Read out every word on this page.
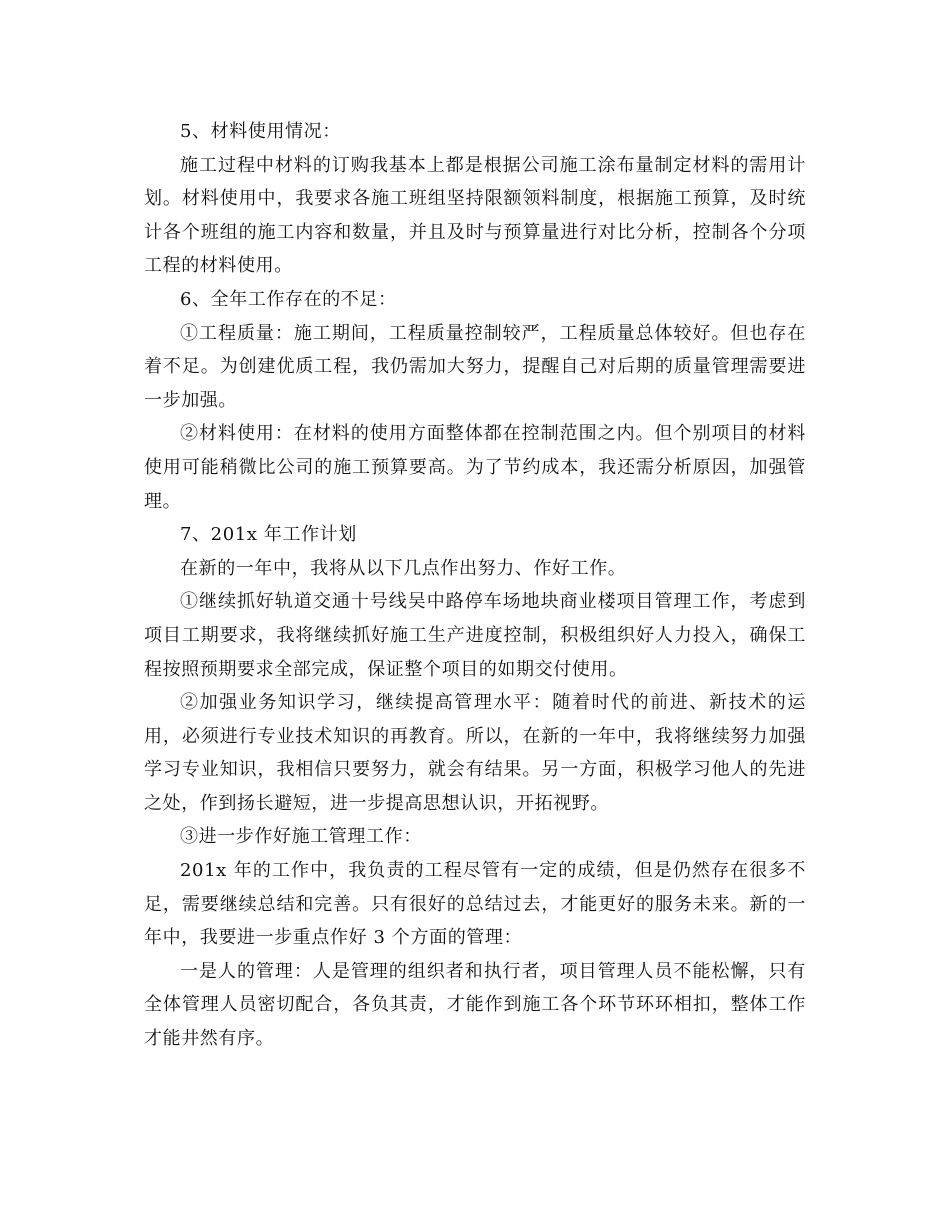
5、材料使用情况：

施工过程中材料的订购我基本上都是根据公司施工涂布量制定材料的需用计划。材料使用中，我要求各施工班组坚持限额领料制度，根据施工预算，及时统计各个班组的施工内容和数量，并且及时与预算量进行对比分析，控制各个分项工程的材料使用。

6、全年工作存在的不足：

①工程质量：施工期间，工程质量控制较严，工程质量总体较好。但也存在着不足。为创建优质工程，我仍需加大努力，提醒自己对后期的质量管理需要进一步加强。

②材料使用：在材料的使用方面整体都在控制范围之内。但个别项目的材料使用可能稍微比公司的施工预算要高。为了节约成本，我还需分析原因，加强管理。

7、201x 年工作计划

在新的一年中，我将从以下几点作出努力、作好工作。

①继续抓好轨道交通十号线吴中路停车场地块商业楼项目管理工作，考虑到项目工期要求，我将继续抓好施工生产进度控制，积极组织好人力投入，确保工程按照预期要求全部完成，保证整个项目的如期交付使用。

②加强业务知识学习，继续提高管理水平：随着时代的前进、新技术的运用，必须进行专业技术知识的再教育。所以，在新的一年中，我将继续努力加强学习专业知识，我相信只要努力，就会有结果。另一方面，积极学习他人的先进之处，作到扬长避短，进一步提高思想认识，开拓视野。

③进一步作好施工管理工作：

201x 年的工作中，我负责的工程尽管有一定的成绩，但是仍然存在很多不足，需要继续总结和完善。只有很好的总结过去，才能更好的服务未来。新的一年中，我要进一步重点作好 3 个方面的管理：

一是人的管理：人是管理的组织者和执行者，项目管理人员不能松懈，只有全体管理人员密切配合，各负其责，才能作到施工各个环节环环相扣，整体工作才能井然有序。
